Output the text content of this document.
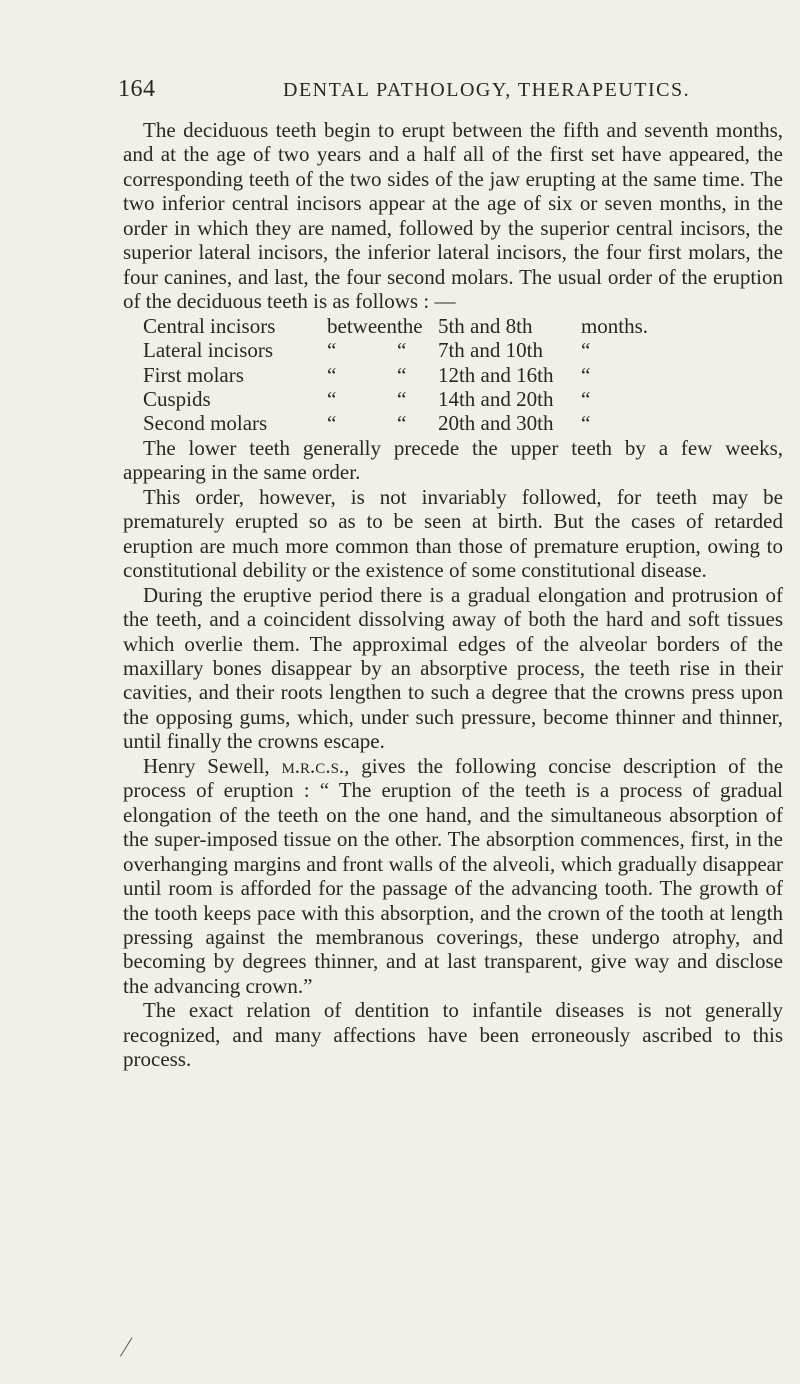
164	DENTAL PATHOLOGY, THERAPEUTICS.

The deciduous teeth begin to erupt between the fifth and seventh months, and at the age of two years and a half all of the first set have appeared, the corresponding teeth of the two sides of the jaw erupting at the same time. The two inferior central incisors appear at the age of six or seven months, in the order in which they are named, followed by the superior central incisors, the superior lateral incisors, the inferior lateral incisors, the four first molars, the four canines, and last, the four second molars. The usual order of the eruption of the deciduous teeth is as follows : —

Central incisors	between	the	5th and 8th	months.
Lateral incisors	“	“	7th and 10th	“
First molars	“	“	12th and 16th	“
Cuspids	“	“	14th and 20th	“
Second molars	“	“	20th and 30th	“

The lower teeth generally precede the upper teeth by a few weeks, appearing in the same order.

This order, however, is not invariably followed, for teeth may be prematurely erupted so as to be seen at birth. But the cases of retarded eruption are much more common than those of premature eruption, owing to constitutional debility or the existence of some constitutional disease.

During the eruptive period there is a gradual elongation and protrusion of the teeth, and a coincident dissolving away of both the hard and soft tissues which overlie them. The approximal edges of the alveolar borders of the maxillary bones disappear by an absorptive process, the teeth rise in their cavities, and their roots lengthen to such a degree that the crowns press upon the opposing gums, which, under such pressure, become thinner and thinner, until finally the crowns escape.

Henry Sewell, m.r.c.s., gives the following concise description of the process of eruption : “ The eruption of the teeth is a process of gradual elongation of the teeth on the one hand, and the simultaneous absorption of the super-imposed tissue on the other. The absorption commences, first, in the overhanging margins and front walls of the alveoli, which gradually disappear until room is afforded for the passage of the advancing tooth. The growth of the tooth keeps pace with this absorption, and the crown of the tooth at length pressing against the membranous coverings, these undergo atrophy, and becoming by degrees thinner, and at last transparent, give way and disclose the advancing crown.”

The exact relation of dentition to infantile diseases is not generally recognized, and many affections have been erroneously ascribed to this process.
